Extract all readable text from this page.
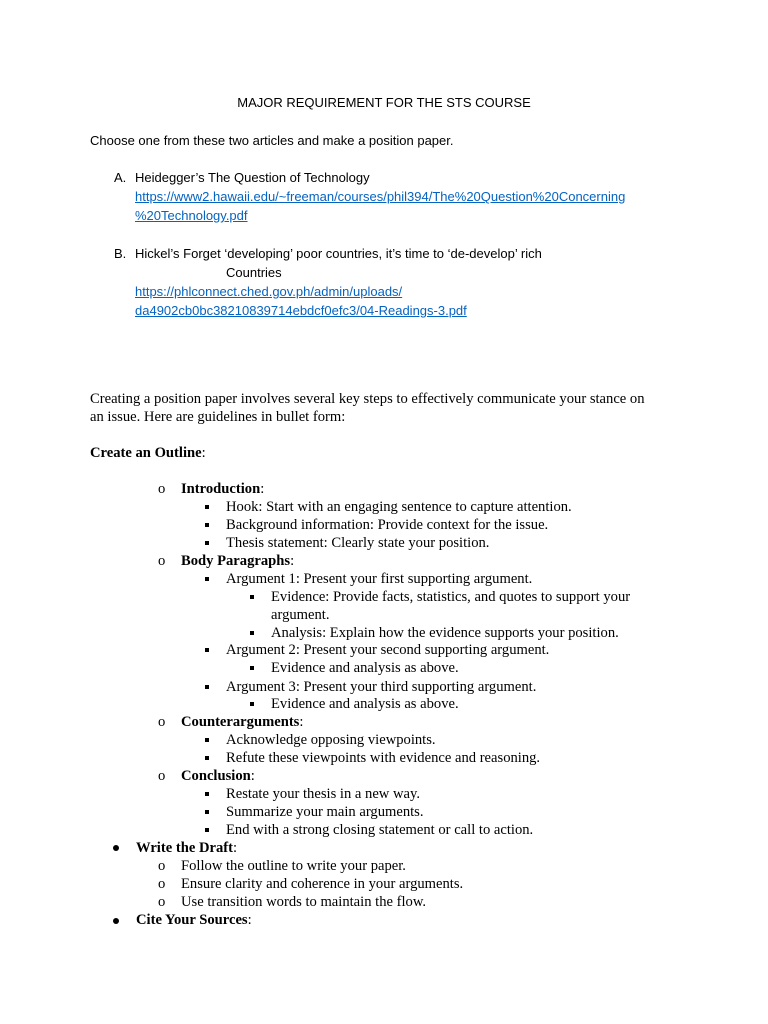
MAJOR REQUIREMENT FOR THE STS COURSE
Choose one from these two articles and make a position paper.
A. Heidegger’s The Question of Technology
https://www2.hawaii.edu/~freeman/courses/phil394/The%20Question%20Concerning
%20Technology.pdf
B. Hickel’s Forget ‘developing’ poor countries, it’s time to ‘de-develop’ rich
Countries
https://phlconnect.ched.gov.ph/admin/uploads/
da4902cb0bc38210839714ebdcf0efc3/04-Readings-3.pdf
Creating a position paper involves several key steps to effectively communicate your stance on
an issue. Here are guidelines in bullet form:
Create an Outline:
o Introduction:
Hook: Start with an engaging sentence to capture attention.
Background information: Provide context for the issue.
Thesis statement: Clearly state your position.
o Body Paragraphs:
Argument 1: Present your first supporting argument.
Evidence: Provide facts, statistics, and quotes to support your
argument.
Analysis: Explain how the evidence supports your position.
Argument 2: Present your second supporting argument.
Evidence and analysis as above.
Argument 3: Present your third supporting argument.
Evidence and analysis as above.
o Counterarguments:
Acknowledge opposing viewpoints.
Refute these viewpoints with evidence and reasoning.
o Conclusion:
Restate your thesis in a new way.
Summarize your main arguments.
End with a strong closing statement or call to action.
Write the Draft:
o Follow the outline to write your paper.
o Ensure clarity and coherence in your arguments.
o Use transition words to maintain the flow.
Cite Your Sources:
